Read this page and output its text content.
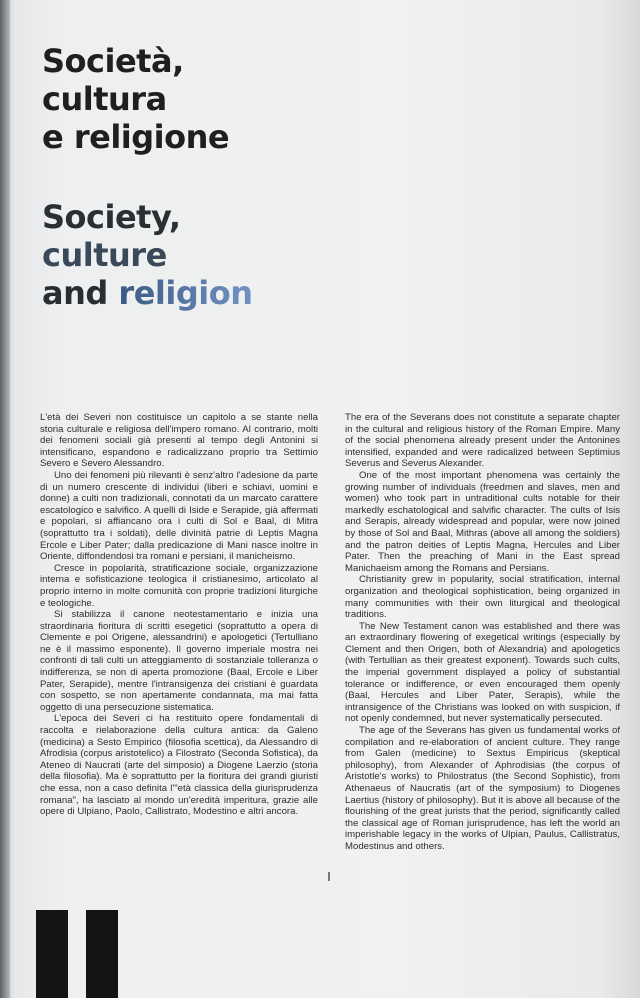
Società,
cultura
e religione
Society,
culture
and religion

L'età dei Severi non costituisce un capitolo a se stante nella storia culturale e religiosa dell'impero romano. Al contrario, molti dei fenomeni sociali già presenti al tempo degli Antonini si intensificano, espandono e radicalizzano proprio tra Settimio Severo e Severo Alessandro.

Uno dei fenomeni più rilevanti è senz'altro l'adesione da parte di un numero crescente di individui (liberi e schiavi, uomini e donne) a culti non tradizionali, connotati da un marcato carattere escatologico e salvifico. A quelli di Iside e Serapide, già affermati e popolari, si affiancano ora i culti di Sol e Baal, di Mitra (soprattutto tra i soldati), delle divinità patrie di Leptis Magna Ercole e Liber Pater; dalla predicazione di Mani nasce inoltre in Oriente, diffondendosi tra romani e persiani, il manicheismo.

Cresce in popolarità, stratificazione sociale, organizzazione interna e sofisticazione teologica il cristianesimo, articolato al proprio interno in molte comunità con proprie tradizioni liturgiche e teologiche.

Si stabilizza il canone neotestamentario e inizia una straordinaria fioritura di scritti esegetici (soprattutto a opera di Clemente e poi Origene, alessandrini) e apologetici (Tertulliano ne è il massimo esponente). Il governo imperiale mostra nei confronti di tali culti un atteggiamento di sostanziale tolleranza o indifferenza, se non di aperta promozione (Baal, Ercole e Liber Pater, Serapide), mentre l'intransigenza dei cristiani è guardata con sospetto, se non apertamente condannata, ma mai fatta oggetto di una persecuzione sistematica.

L'epoca dei Severi ci ha restituito opere fondamentali di raccolta e rielaborazione della cultura antica: da Galeno (medicina) a Sesto Empirico (filosofia scettica), da Alessandro di Afrodisia (corpus aristotelico) a Filostrato (Seconda Sofistica), da Ateneo di Naucrati (arte del simposio) a Diogene Laerzio (storia della filosofia). Ma è soprattutto per la fioritura dei grandi giuristi che essa, non a caso definita l'"età classica della giurisprudenza romana", ha lasciato al mondo un'eredità imperitura, grazie alle opere di Ulpiano, Paolo, Callistrato, Modestino e altri ancora.

The era of the Severans does not constitute a separate chapter in the cultural and religious history of the Roman Empire. Many of the social phenomena already present under the Antonines intensified, expanded and were radicalized between Septimius Severus and Severus Alexander.

One of the most important phenomena was certainly the growing number of individuals (freedmen and slaves, men and women) who took part in untraditional cults notable for their markedly eschatological and salvific character. The cults of Isis and Serapis, already widespread and popular, were now joined by those of Sol and Baal, Mithras (above all among the soldiers) and the patron deities of Leptis Magna, Hercules and Liber Pater. Then the preaching of Mani in the East spread Manichaeism among the Romans and Persians.

Christianity grew in popularity, social stratification, internal organization and theological sophistication, being organized in many communities with their own liturgical and theological traditions.

The New Testament canon was established and there was an extraordinary flowering of exegetical writings (especially by Clement and then Origen, both of Alexandria) and apologetics (with Tertullian as their greatest exponent). Towards such cults, the imperial government displayed a policy of substantial tolerance or indifference, or even encouraged them openly (Baal, Hercules and Liber Pater, Serapis), while the intransigence of the Christians was looked on with suspicion, if not openly condemned, but never systematically persecuted.

The age of the Severans has given us fundamental works of compilation and re-elaboration of ancient culture. They range from Galen (medicine) to Sextus Empiricus (skeptical philosophy), from Alexander of Aphrodisias (the corpus of Aristotle's works) to Philostratus (the Second Sophistic), from Athenaeus of Naucratis (art of the symposium) to Diogenes Laertius (history of philosophy). But it is above all because of the flourishing of the great jurists that the period, significantly called the classical age of Roman jurisprudence, has left the world an imperishable legacy in the works of Ulpian, Paulus, Callistratus, Modestinus and others.
